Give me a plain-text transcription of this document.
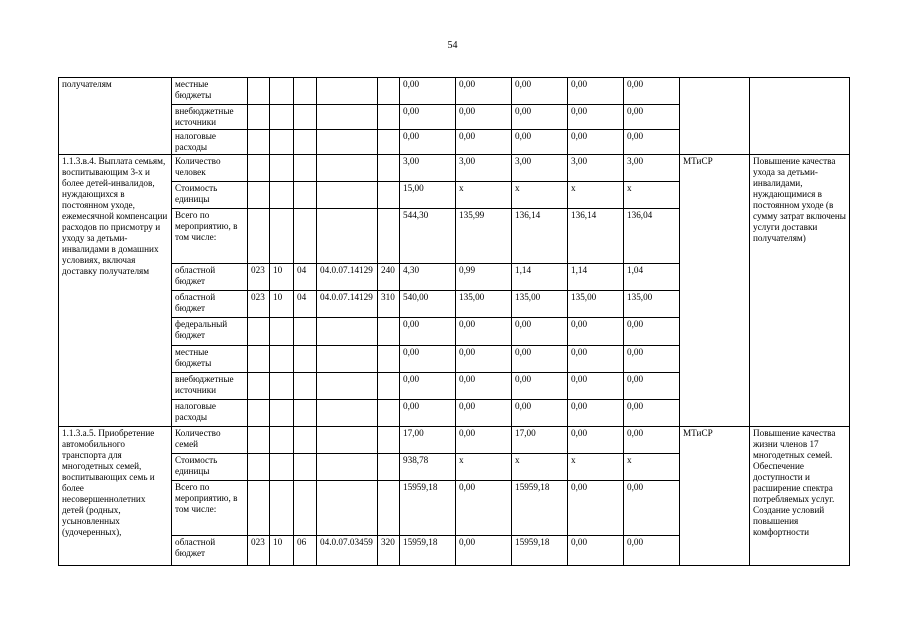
54
получателям	местные бюджеты						0,00	0,00	0,00	0,00	0,00		
	внебюджетные источники						0,00	0,00	0,00	0,00	0,00		
	налоговые расходы						0,00	0,00	0,00	0,00	0,00		
1.1.3.в.4. Выплата семьям, воспитывающим 3-х и более детей-инвалидов, нуждающихся в постоянном уходе, ежемесячной компенсации расходов по присмотру и уходу за детьми-инвалидами в домашних условиях, включая доставку получателям	Количество человек						3,00	3,00	3,00	3,00	3,00	МТиСР	Повышение качества ухода за детьми-инвалидами, нуждающимися в постоянном уходе (в сумму затрат включены услуги доставки получателям)
	Стоимость единицы						15,00	х	х	х	х		
	Всего по мероприятию, в том числе:						544,30	135,99	136,14	136,14	136,04		
	областной бюджет	023	10	04	04.0.07.14129	240	4,30	0,99	1,14	1,14	1,04		
	областной бюджет	023	10	04	04.0.07.14129	310	540,00	135,00	135,00	135,00	135,00		
	федеральный бюджет						0,00	0,00	0,00	0,00	0,00		
	местные бюджеты						0,00	0,00	0,00	0,00	0,00		
	внебюджетные источники						0,00	0,00	0,00	0,00	0,00		
	налоговые расходы						0,00	0,00	0,00	0,00	0,00		
1.1.3.а.5. Приобретение автомобильного транспорта для многодетных семей, воспитывающих семь и более несовершеннолетних детей (родных, усыновленных (удочеренных),	Количество семей						17,00	0,00	17,00	0,00	0,00	МТиСР	Повышение качества жизни членов 17 многодетных семей. Обеспечение доступности и расширение спектра потребляемых услуг. Создание условий повышения комфортности
	Стоимость единицы						938,78	х	х	х	х		
	Всего по мероприятию, в том числе:						15959,18	0,00	15959,18	0,00	0,00		
	областной бюджет	023	10	06	04.0.07.03459	320	15959,18	0,00	15959,18	0,00	0,00		
